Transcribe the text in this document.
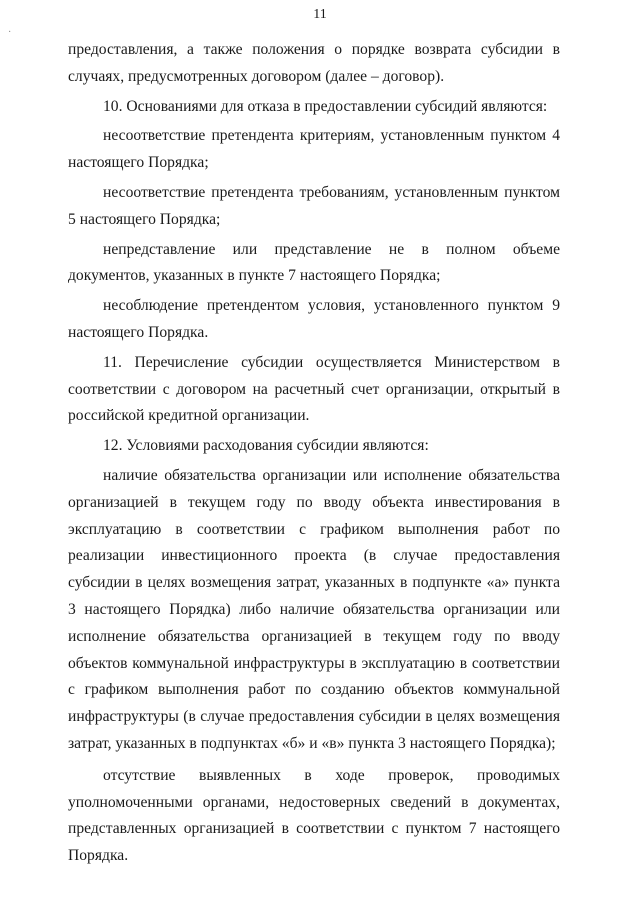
11
·

предоставления, а также положения о порядке возврата субсидии в случаях, предусмотренных договором (далее – договор).

10. Основаниями для отказа в предоставлении субсидий являются:

несоответствие претендента критериям, установленным пунктом 4 настоящего Порядка;

несоответствие претендента требованиям, установленным пунктом 5 настоящего Порядка;

непредставление или представление не в полном объеме документов, указанных в пункте 7 настоящего Порядка;

несоблюдение претендентом условия, установленного пунктом 9 настоящего Порядка.

11. Перечисление субсидии осуществляется Министерством в соответствии с договором на расчетный счет организации, открытый в российской кредитной организации.

12. Условиями расходования субсидии являются:

наличие обязательства организации или исполнение обязательства организацией в текущем году по вводу объекта инвестирования в эксплуатацию в соответствии с графиком выполнения работ по реализации инвестиционного проекта (в случае предоставления субсидии в целях возмещения затрат, указанных в подпункте «а» пункта 3 настоящего Порядка) либо наличие обязательства организации или исполнение обязательства организацией в текущем году по вводу объектов коммунальной инфраструктуры в эксплуатацию в соответствии с графиком выполнения работ по созданию объектов коммунальной инфраструктуры (в случае предоставления субсидии в целях возмещения затрат, указанных в подпунктах «б» и «в» пункта 3 настоящего Порядка);

отсутствие выявленных в ходе проверок, проводимых уполномоченными органами, недостоверных сведений в документах, представленных организацией в соответствии с пунктом 7 настоящего Порядка.
